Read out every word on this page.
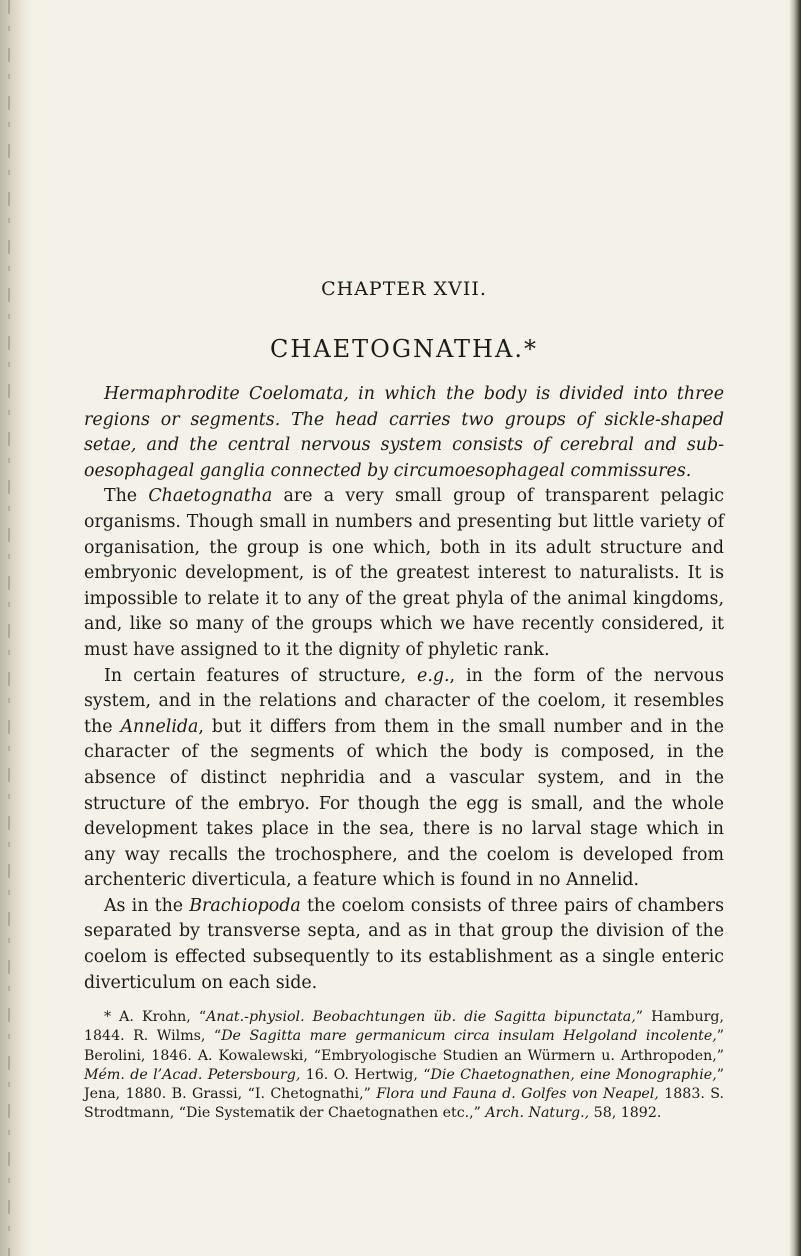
CHAPTER XVII.
CHAETOGNATHA.*

Hermaphrodite Coelomata, in which the body is divided into three regions or segments. The head carries two groups of sickle-shaped setae, and the central nervous system consists of cerebral and sub-oesophageal ganglia connected by circumoesophageal commissures.

The Chaetognatha are a very small group of transparent pelagic organisms. Though small in numbers and presenting but little variety of organisation, the group is one which, both in its adult structure and embryonic development, is of the greatest interest to naturalists. It is impossible to relate it to any of the great phyla of the animal kingdoms, and, like so many of the groups which we have recently considered, it must have assigned to it the dignity of phyletic rank.

In certain features of structure, e.g., in the form of the nervous system, and in the relations and character of the coelom, it resembles the Annelida, but it differs from them in the small number and in the character of the segments of which the body is composed, in the absence of distinct nephridia and a vascular system, and in the structure of the embryo. For though the egg is small, and the whole development takes place in the sea, there is no larval stage which in any way recalls the trochosphere, and the coelom is developed from archenteric diverticula, a feature which is found in no Annelid.

As in the Brachiopoda the coelom consists of three pairs of chambers separated by transverse septa, and as in that group the division of the coelom is effected subsequently to its establishment as a single enteric diverticulum on each side.

* A. Krohn, “Anat.-physiol. Beobachtungen üb. die Sagitta bipunctata,” Hamburg, 1844. R. Wilms, “De Sagitta mare germanicum circa insulam Helgoland incolente,” Berolini, 1846. A. Kowalewski, “Embryologische Studien an Würmern u. Arthropoden,” Mém. de l’Acad. Petersbourg, 16. O. Hertwig, “Die Chaetognathen, eine Monographie,” Jena, 1880. B. Grassi, “I. Chetognathi,” Flora und Fauna d. Golfes von Neapel, 1883. S. Strodtmann, “Die Systematik der Chaetognathen etc.,” Arch. Naturg., 58, 1892.
